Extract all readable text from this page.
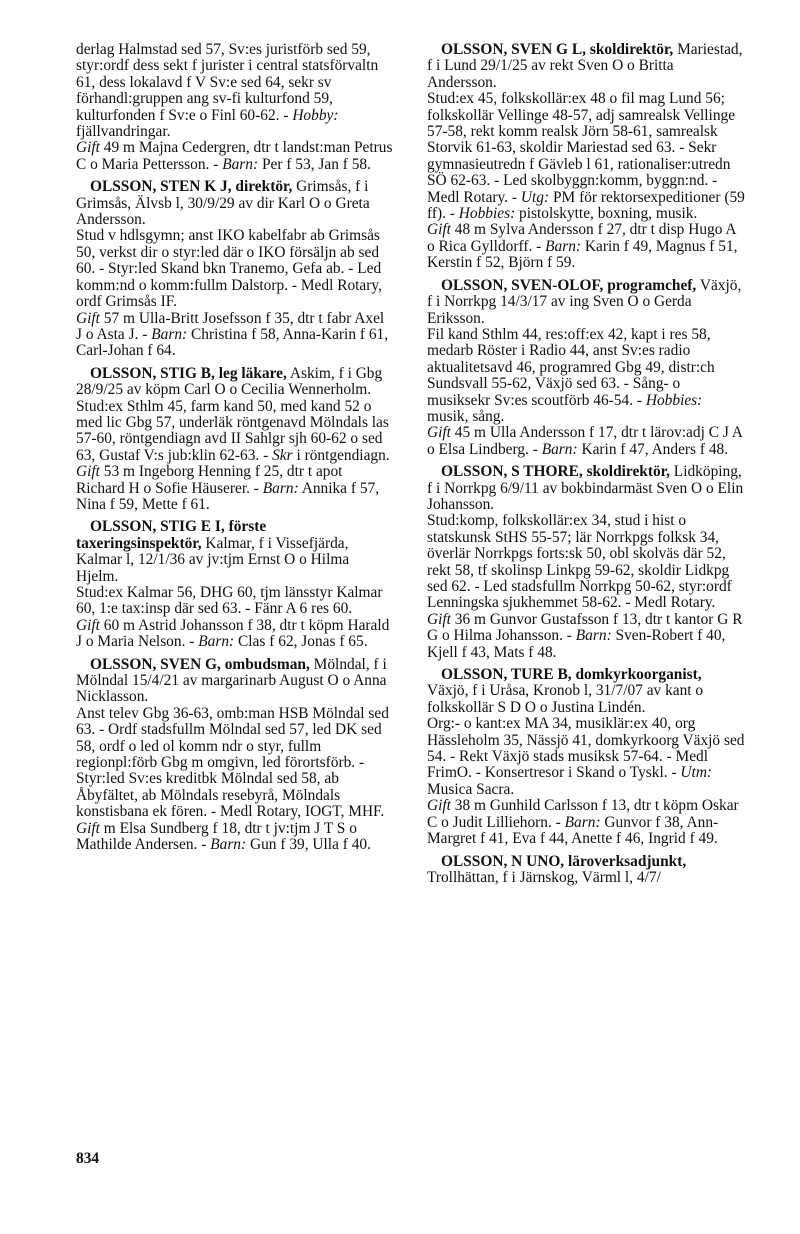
derlag Halmstad sed 57, Sv:es juristförb sed 59, styr:ordf dess sekt f jurister i central statsförvaltn 61, dess lokalavd f V Sv:e sed 64, sekr sv förhandl:gruppen ang sv-fi kulturfond 59, kulturfonden f Sv:e o Finl 60-62. - Hobby: fjällvandringar.

Gift 49 m Majna Cedergren, dtr t landst:man Petrus C o Maria Pettersson. - Barn: Per f 53, Jan f 58.

OLSSON, STEN K J, direktör, Grimsås, f i Grimsås, Älvsb l, 30/9/29 av dir Karl O o Greta Andersson.

Stud v hdlsgymn; anst IKO kabelfabr ab Grimsås 50, verkst dir o styr:led där o IKO försäljn ab sed 60. - Styr:led Skand bkn Tranemo, Gefa ab. - Led komm:nd o komm:fullm Dalstorp. - Medl Rotary, ordf Grimsås IF.

Gift 57 m Ulla-Britt Josefsson f 35, dtr t fabr Axel J o Asta J. - Barn: Christina f 58, Anna-Karin f 61, Carl-Johan f 64.

OLSSON, STIG B, leg läkare, Askim, f i Gbg 28/9/25 av köpm Carl O o Cecilia Wennerholm.

Stud:ex Sthlm 45, farm kand 50, med kand 52 o med lic Gbg 57, underläk röntgenavd Mölndals las 57-60, röntgendiagn avd II Sahlgr sjh 60-62 o sed 63, Gustaf V:s jub:klin 62-63. - Skr i röntgendiagn.

Gift 53 m Ingeborg Henning f 25, dtr t apot Richard H o Sofie Häuserer. - Barn: Annika f 57, Nina f 59, Mette f 61.

OLSSON, STIG E I, förste taxeringsinspektör, Kalmar, f i Vissefjärda, Kalmar l, 12/1/36 av jv:tjm Ernst O o Hilma Hjelm.

Stud:ex Kalmar 56, DHG 60, tjm länsstyr Kalmar 60, 1:e tax:insp där sed 63. - Fänr A 6 res 60.

Gift 60 m Astrid Johansson f 38, dtr t köpm Harald J o Maria Nelson. - Barn: Clas f 62, Jonas f 65.

OLSSON, SVEN G, ombudsman, Mölndal, f i Mölndal 15/4/21 av margarinarb August O o Anna Nicklasson.

Anst telev Gbg 36-63, omb:man HSB Mölndal sed 63. - Ordf stadsfullm Mölndal sed 57, led DK sed 58, ordf o led ol komm ndr o styr, fullm regionpl:förb Gbg m omgivn, led förortsförb. - Styr:led Sv:es kreditbk Mölndal sed 58, ab Åbyfältet, ab Mölndals resebyrå, Mölndals konstisbana ek fören. - Medl Rotary, IOGT, MHF.

Gift m Elsa Sundberg f 18, dtr t jv:tjm J T S o Mathilde Andersen. - Barn: Gun f 39, Ulla f 40.

OLSSON, SVEN G L, skoldirektör, Mariestad, f i Lund 29/1/25 av rekt Sven O o Britta Andersson.

Stud:ex 45, folkskollär:ex 48 o fil mag Lund 56; folkskollär Vellinge 48-57, adj samrealsk Vellinge 57-58, rekt komm realsk Jörn 58-61, samrealsk Storvik 61-63, skoldir Mariestad sed 63. - Sekr gymnasieutredn f Gävleb l 61, rationaliser:utredn SÖ 62-63. - Led skolbyggn:komm, byggn:nd. - Medl Rotary. - Utg: PM för rektorsexpeditioner (59 ff). - Hobbies: pistolskytte, boxning, musik.

Gift 48 m Sylva Andersson f 27, dtr t disp Hugo A o Rica Gylldorff. - Barn: Karin f 49, Magnus f 51, Kerstin f 52, Björn f 59.

OLSSON, SVEN-OLOF, programchef, Växjö, f i Norrkpg 14/3/17 av ing Sven O o Gerda Eriksson.

Fil kand Sthlm 44, res:off:ex 42, kapt i res 58, medarb Röster i Radio 44, anst Sv:es radio aktualitetsavd 46, programred Gbg 49, distr:ch Sundsvall 55-62, Växjö sed 63. - Sång- o musiksekr Sv:es scoutförb 46-54. - Hobbies: musik, sång.

Gift 45 m Ulla Andersson f 17, dtr t lärov:adj C J A o Elsa Lindberg. - Barn: Karin f 47, Anders f 48.

OLSSON, S THORE, skoldirektör, Lidköping, f i Norrkpg 6/9/11 av bokbindarmäst Sven O o Elin Johansson.

Stud:komp, folkskollär:ex 34, stud i hist o statskunsk StHS 55-57; lär Norrkpgs folksk 34, överlär Norrkpgs forts:sk 50, obl skolväs där 52, rekt 58, tf skolinsp Linkpg 59-62, skoldir Lidkpg sed 62. - Led stadsfullm Norrkpg 50-62, styr:ordf Lenningska sjukhemmet 58-62. - Medl Rotary.

Gift 36 m Gunvor Gustafsson f 13, dtr t kantor G R G o Hilma Johansson. - Barn: Sven-Robert f 40, Kjell f 43, Mats f 48.

OLSSON, TURE B, domkyrkoorganist, Växjö, f i Uråsa, Kronob l, 31/7/07 av kant o folkskollär S D O o Justina Lindén.

Org:- o kant:ex MA 34, musiklär:ex 40, org Hässleholm 35, Nässjö 41, domkyrkoorg Växjö sed 54. - Rekt Växjö stads musiksk 57-64. - Medl FrimO. - Konsertresor i Skand o Tyskl. - Utm: Musica Sacra.

Gift 38 m Gunhild Carlsson f 13, dtr t köpm Oskar C o Judit Lilliehorn. - Barn: Gunvor f 38, Ann-Margret f 41, Eva f 44, Anette f 46, Ingrid f 49.

OLSSON, N UNO, läroverksadjunkt, Trollhättan, f i Järnskog, Värml l, 4/7/

834
